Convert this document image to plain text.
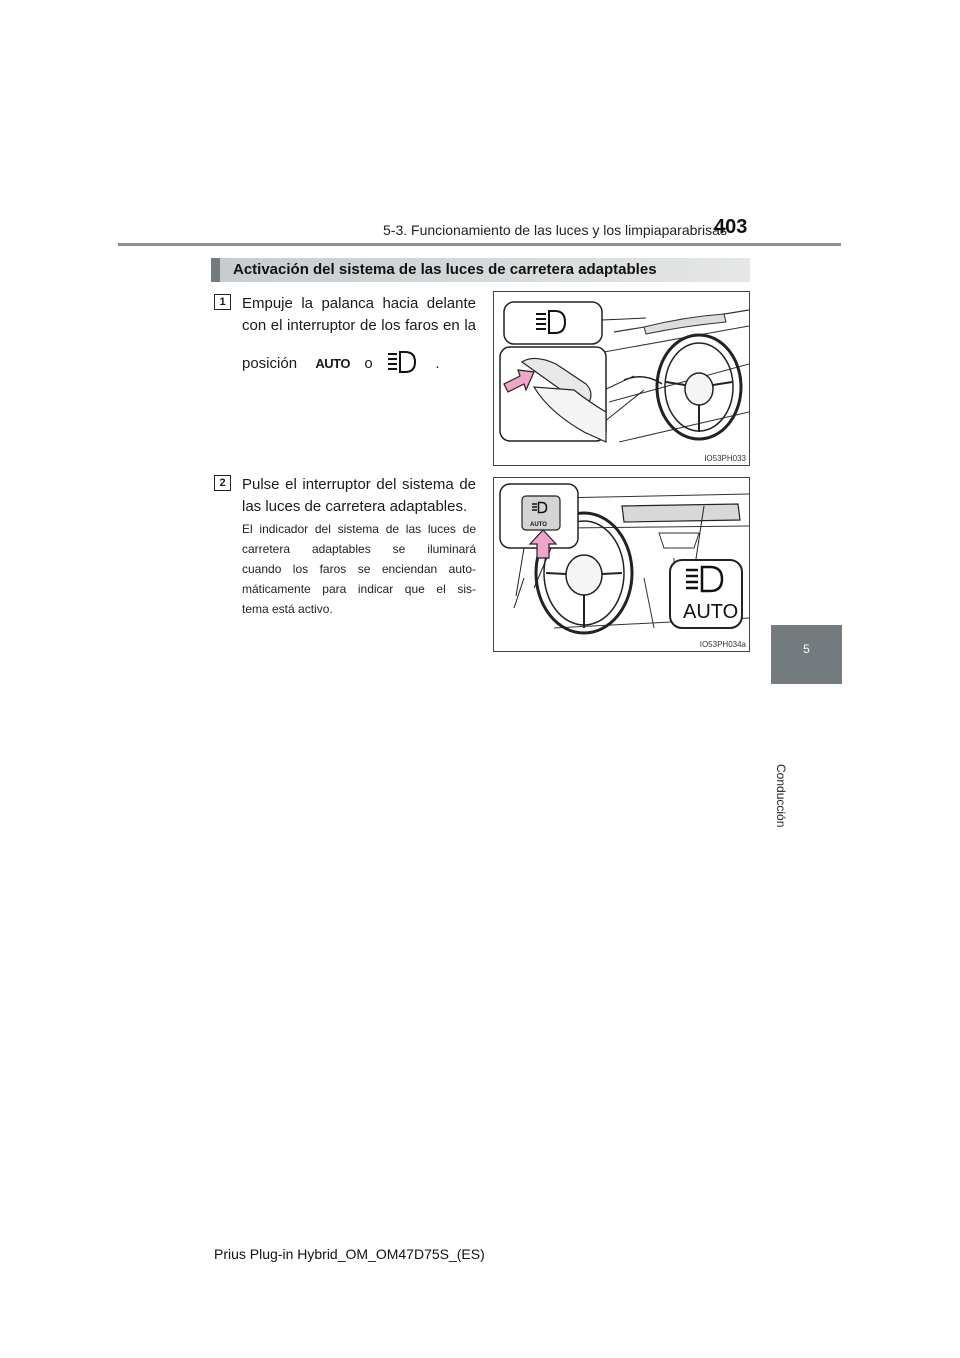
5-3. Funcionamiento de las luces y los limpiaparabrisas
403
5
Conducción
Activación del sistema de las luces de carretera adaptables
1	Empuje la palanca hacia delante
con el interruptor de los faros en la
posición AUTO o	.
IO53PH033
2	Pulse el interruptor del sistema de
las luces de carretera adaptables.
El indicador del sistema de las luces de
carretera adaptables se iluminará
cuando los faros se enciendan auto-
máticamente para indicar que el sis-
tema está activo.
AUTO
AUTO
IO53PH034a
Prius Plug-in Hybrid_OM_OM47D75S_(ES)
